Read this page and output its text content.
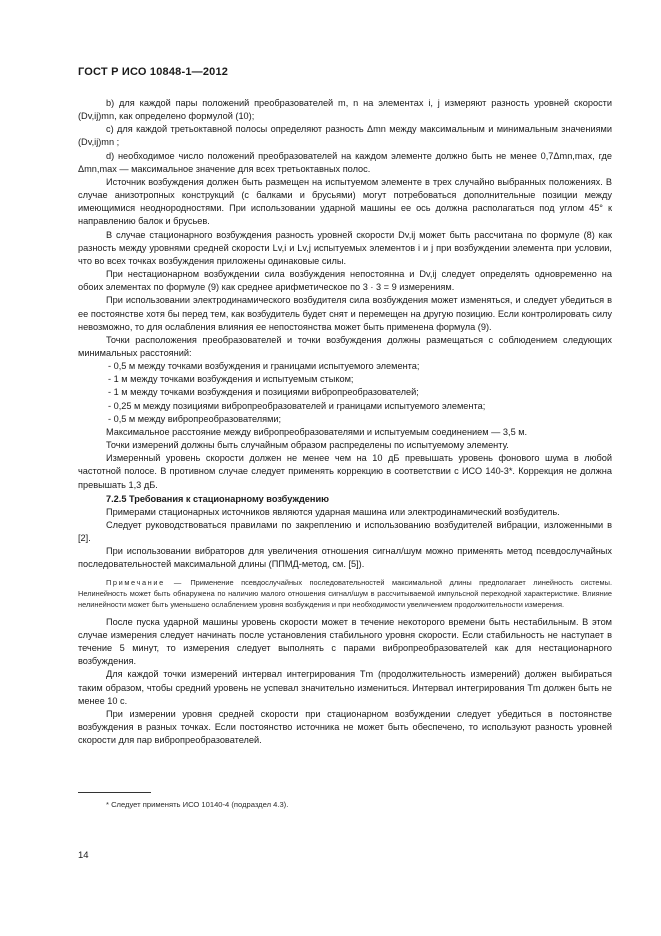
ГОСТ Р ИСО 10848-1—2012

b) для каждой пары положений преобразователей m, n на элементах i, j измеряют разность уровней скорости (Dv,ij)mn, как определено формулой (10);

c) для каждой третьоктавной полосы определяют разность Δmn между максимальным и минимальным значениями (Dv,ij)mn ;

d) необходимое число положений преобразователей на каждом элементе должно быть не менее 0,7Δmn,max, где Δmn,max — максимальное значение для всех третьоктавных полос.

Источник возбуждения должен быть размещен на испытуемом элементе в трех случайно выбранных положениях. В случае анизотропных конструкций (с балками и брусьями) могут потребоваться дополнительные позиции между имеющимися неоднородностями. При использовании ударной машины ее ось должна располагаться под углом 45° к направлению балок и брусьев.

В случае стационарного возбуждения разность уровней скорости Dv,ij может быть рассчитана по формуле (8) как разность между уровнями средней скорости Lv,i и Lv,j испытуемых элементов i и j при возбуждении элемента при условии, что во всех точках возбуждения приложены одинаковые силы.

При нестационарном возбуждении сила возбуждения непостоянна и Dv,ij следует определять одновременно на обоих элементах по формуле (9) как среднее арифметическое по 3 · 3 = 9 измерениям.

При использовании электродинамического возбудителя сила возбуждения может изменяться, и следует убедиться в ее постоянстве хотя бы перед тем, как возбудитель будет снят и перемещен на другую позицию. Если контролировать силу невозможно, то для ослабления влияния ее непостоянства может быть применена формула (9).

Точки расположения преобразователей и точки возбуждения должны размещаться с соблюдением следующих минимальных расстояний:

- 0,5 м между точками возбуждения и границами испытуемого элемента;

- 1 м между точками возбуждения и испытуемым стыком;

- 1 м между точками возбуждения и позициями вибропреобразователей;

- 0,25 м между позициями вибропреобразователей и границами испытуемого элемента;

- 0,5 м между вибропреобразователями;

Максимальное расстояние между вибропреобразователями и испытуемым соединением — 3,5 м.

Точки измерений должны быть случайным образом распределены по испытуемому элементу.

Измеренный уровень скорости должен не менее чем на 10 дБ превышать уровень фонового шума в любой частотной полосе. В противном случае следует применять коррекцию в соответствии с ИСО 140-3*. Коррекция не должна превышать 1,3 дБ.

7.2.5 Требования к стационарному возбуждению

Примерами стационарных источников являются ударная машина или электродинамический возбудитель.

Следует руководствоваться правилами по закреплению и использованию возбудителей вибрации, изложенными в [2].

При использовании вибраторов для увеличения отношения сигнал/шум можно применять метод псевдослучайных последовательностей максимальной длины (ППМД-метод, см. [5]).

Примечание — Применение псевдослучайных последовательностей максимальной длины предполагает линейность системы. Нелинейность может быть обнаружена по наличию малого отношения сигнал/шум в рассчитываемой импульсной переходной характеристике. Влияние нелинейности может быть уменьшено ослаблением уровня возбуждения и при необходимости увеличением продолжительности измерения.

После пуска ударной машины уровень скорости может в течение некоторого времени быть нестабильным. В этом случае измерения следует начинать после установления стабильного уровня скорости. Если стабильность не наступает в течение 5 минут, то измерения следует выполнять с парами вибропреобразователей как для нестационарного возбуждения.

Для каждой точки измерений интервал интегрирования Tm (продолжительность измерений) должен выбираться таким образом, чтобы средний уровень не успевал значительно измениться. Интервал интегрирования Tm должен быть не менее 10 с.

При измерении уровня средней скорости при стационарном возбуждении следует убедиться в постоянстве возбуждения в разных точках. Если постоянство источника не может быть обеспечено, то используют разность уровней скорости для пар вибропреобразователей.

* Следует применять ИСО 10140-4 (подраздел 4.3).
14
